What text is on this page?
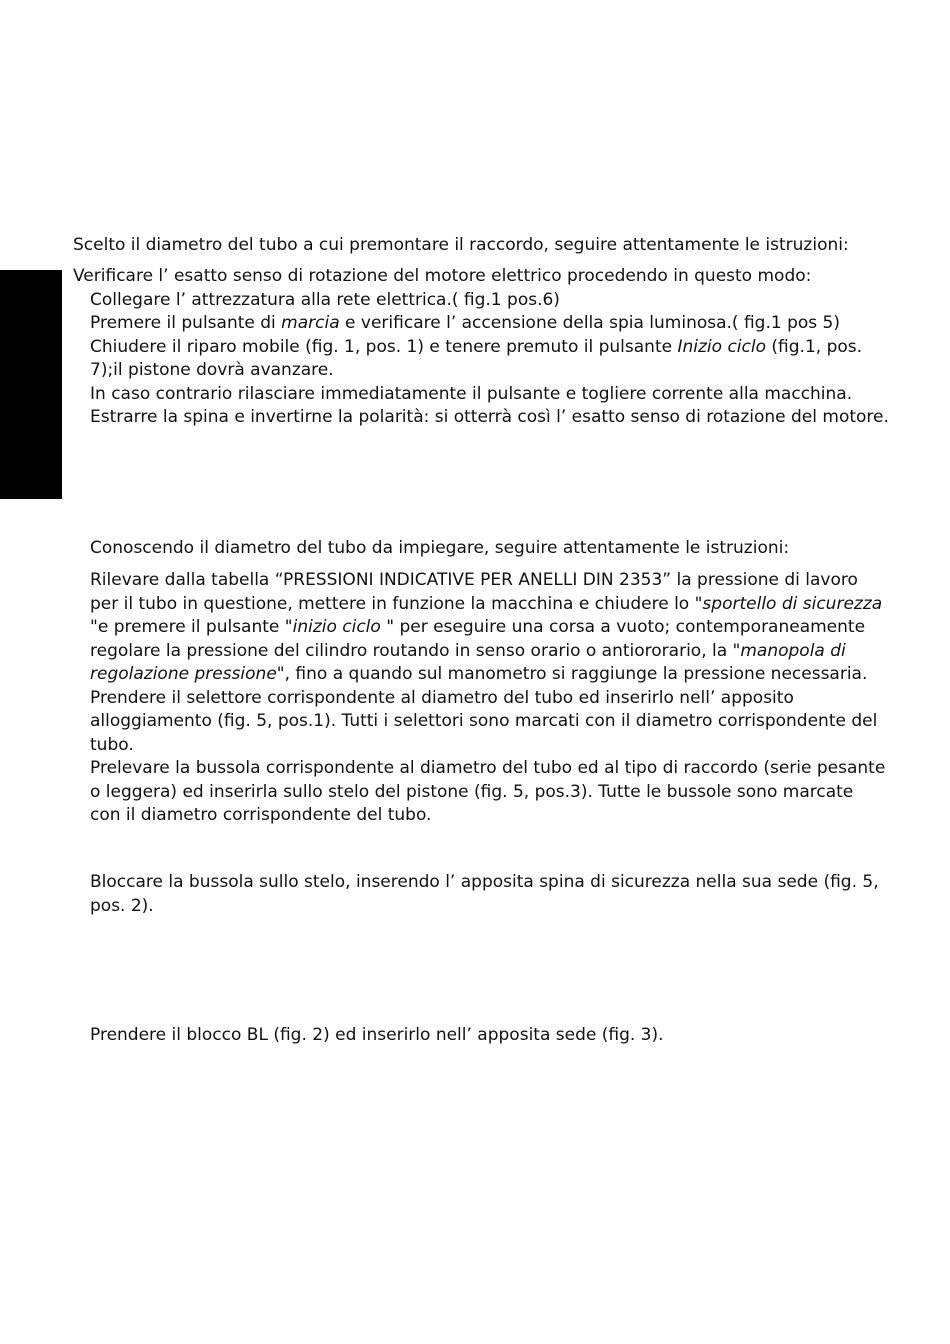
Scelto il diametro del tubo a cui premontare il raccordo, seguire attentamente le istruzioni:

Verificare l’ esatto senso di rotazione del motore elettrico procedendo in questo modo:
Collegare l’ attrezzatura alla rete elettrica.( fig.1 pos.6)
Premere il pulsante di marcia e verificare l’ accensione della spia luminosa.( fig.1 pos 5)
Chiudere il riparo mobile (fig. 1, pos. 1) e tenere premuto il pulsante Inizio ciclo (fig.1, pos.
7);il pistone dovrà avanzare.
In caso contrario rilasciare immediatamente il pulsante e togliere corrente alla macchina.
Estrarre la spina e invertirne la polarità: si otterrà così l’ esatto senso di rotazione del motore.

Conoscendo il diametro del tubo da impiegare, seguire attentamente le istruzioni:

Rilevare dalla tabella “PRESSIONI INDICATIVE PER ANELLI DIN 2353” la pressione di lavoro
per il tubo in questione, mettere in funzione la macchina e chiudere lo "sportello di sicurezza
"e premere il pulsante "inizio ciclo " per eseguire una corsa a vuoto; contemporaneamente
regolare la pressione del cilindro routando in senso orario o antiororario, la "manopola di
regolazione pressione", fino a quando sul manometro si raggiunge la pressione necessaria.
Prendere il selettore corrispondente al diametro del tubo ed inserirlo nell’ apposito
alloggiamento (fig. 5, pos.1). Tutti i selettori sono marcati con il diametro corrispondente del
tubo.
Prelevare la bussola corrispondente al diametro del tubo ed al tipo di raccordo (serie pesante
o leggera) ed inserirla sullo stelo del pistone (fig. 5, pos.3). Tutte le bussole sono marcate
con il diametro corrispondente del tubo.
Bloccare la bussola sullo stelo, inserendo l’ apposita spina di sicurezza nella sua sede (fig. 5,
pos. 2).

Prendere il blocco BL (fig. 2) ed inserirlo nell’ apposita sede (fig. 3).
